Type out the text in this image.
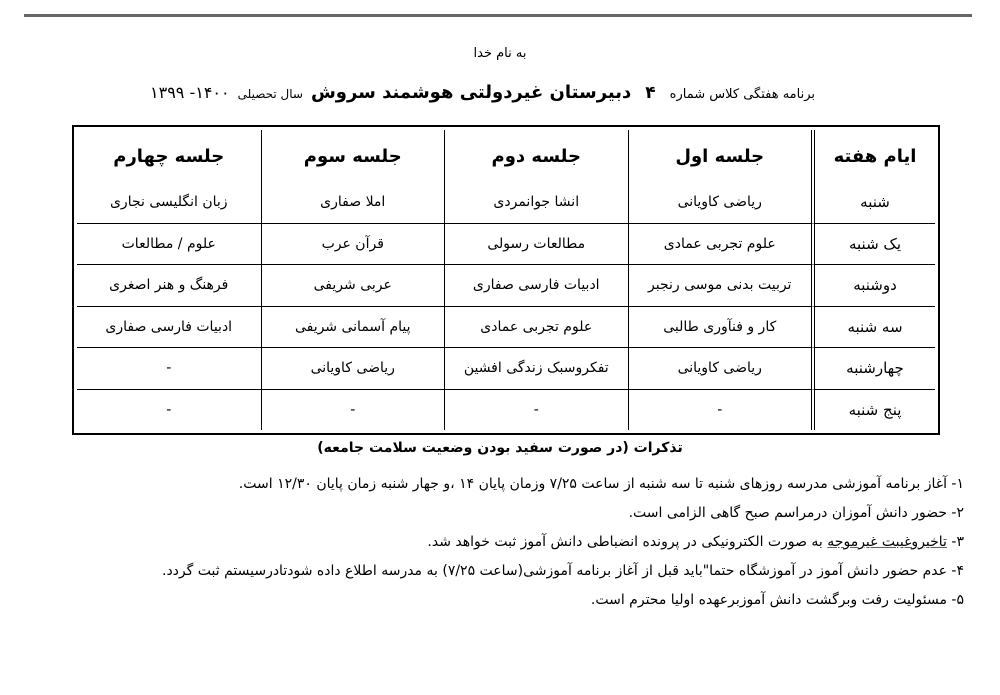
به نام خدا
برنامه هفتگی کلاس شماره
۴
دبیرستان غیردولتی هوشمند سروش
سال تحصیلی
۱۴۰۰- ۱۳۹۹
ایام هفته	جلسه اول	جلسه دوم	جلسه سوم	جلسه چهارم
شنبه	ریاضی کاویانی	انشا جوانمردی	املا صفاری	زبان انگلیسی نجاری
یک شنبه	علوم تجربی عمادی	مطالعات رسولی	قرآن عرب	علوم / مطالعات
دوشنبه	تربیت بدنی موسی رنجبر	ادبیات فارسی صفاری	عربی شریفی	فرهنگ و هنر اصغری
سه شنبه	کار و فنآوری طالبی	علوم تجربی عمادی	پیام آسمانی شریفی	ادبیات فارسی صفاری
چهارشنبه	ریاضی کاویانی	تفکروسبک زندگی افشین	ریاضی کاویانی	-
پنج شنبه	-	-	-	-
تذکرات (در صورت سفید بودن وضعیت سلامت جامعه)
۱- آغاز برنامه آموزشی مدرسه روزهای شنبه تا سه شنبه از ساعت ۷/۲۵ وزمان پایان ۱۴ ،و جهار شنبه زمان پایان ۱۲/۳۰ است.
۲- حضور دانش آموزان درمراسم صبح گاهی الزامی است.
۳- تاخیروغیبت غیرموجه به صورت الکترونیکی در پرونده انضباطی دانش آموز ثبت خواهد شد.
۴- عدم حضور دانش آموز در آموزشگاه حتما"باید قبل از آغاز برنامه آموزشی(ساعت ۷/۲۵) به مدرسه اطلاع داده شودتادرسیستم ثبت گردد.
۵- مسئولیت رفت وبرگشت دانش آموزبرعهده اولیا محترم است.
